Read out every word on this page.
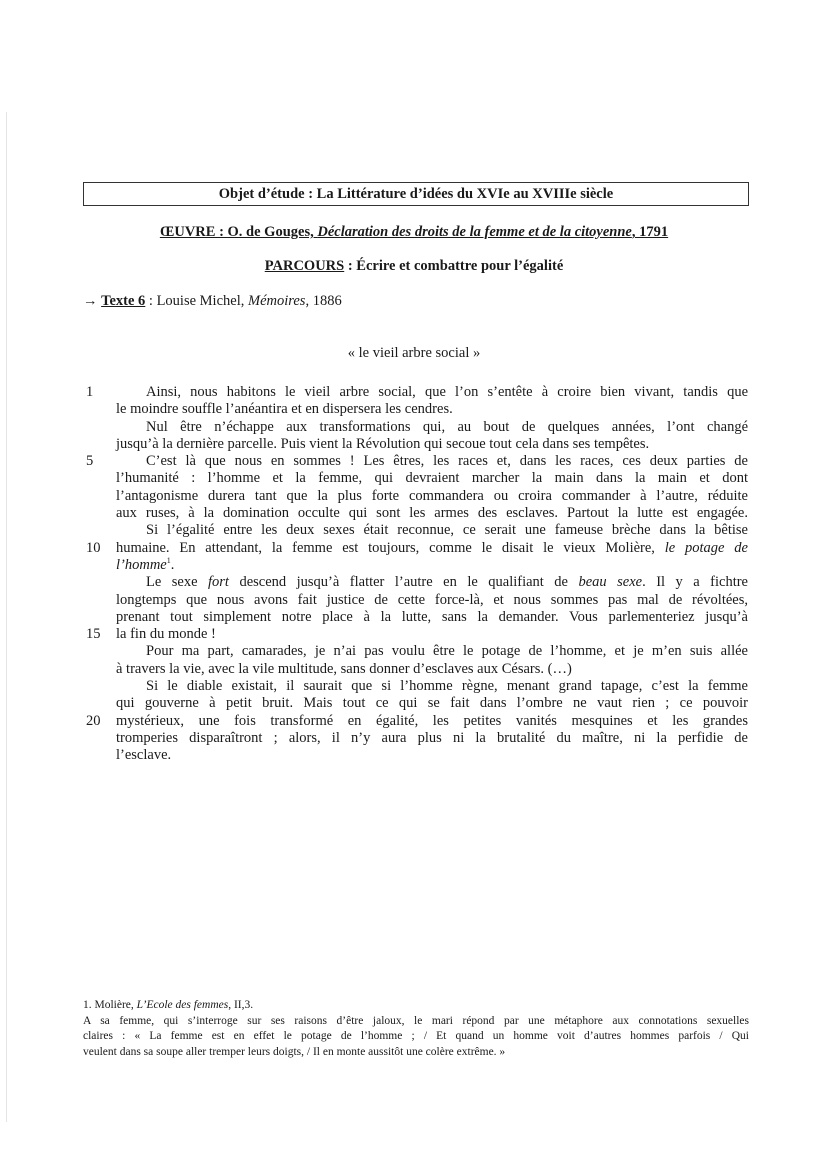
Objet d’étude : La Littérature d’idées du XVIe au XVIIIe siècle
ŒUVRE : O. de Gouges, Déclaration des droits de la femme et de la citoyenne, 1791
PARCOURS : Écrire et combattre pour l’égalité
→ Texte 6 : Louise Michel, Mémoires, 1886
« le vieil arbre social »
1	Ainsi, nous habitons le vieil arbre social, que l’on s’entête à croire bien vivant, tandis que
le moindre souffle l’anéantira et en dispersera les cendres.
Nul être n’échappe aux transformations qui, au bout de quelques années, l’ont changé
jusqu’à la dernière parcelle. Puis vient la Révolution qui secoue tout cela dans ses tempêtes.
5	C’est là que nous en sommes ! Les êtres, les races et, dans les races, ces deux parties de
l’humanité : l’homme et la femme, qui devraient marcher la main dans la main et dont
l’antagonisme durera tant que la plus forte commandera ou croira commander à l’autre, réduite
aux ruses, à la domination occulte qui sont les armes des esclaves. Partout la lutte est engagée.
Si l’égalité entre les deux sexes était reconnue, ce serait une fameuse brèche dans la bêtise
10	humaine. En attendant, la femme est toujours, comme le disait le vieux Molière, le potage de
l’homme$^1$.
Le sexe fort descend jusqu’à flatter l’autre en le qualifiant de beau sexe. Il y a fichtre
longtemps que nous avons fait justice de cette force-là, et nous sommes pas mal de révoltées,
prenant tout simplement notre place à la lutte, sans la demander. Vous parlementeriez jusqu’à
15	la fin du monde !
Pour ma part, camarades, je n’ai pas voulu être le potage de l’homme, et je m’en suis allée
à travers la vie, avec la vile multitude, sans donner d’esclaves aux Césars. (…)
Si le diable existait, il saurait que si l’homme règne, menant grand tapage, c’est la femme
qui gouverne à petit bruit. Mais tout ce qui se fait dans l’ombre ne vaut rien ; ce pouvoir
20	mystérieux, une fois transformé en égalité, les petites vanités mesquines et les grandes
tromperies disparaîtront ; alors, il n’y aura plus ni la brutalité du maître, ni la perfidie de
l’esclave.
1. Molière, L’Ecole des femmes, II,3.
A sa femme, qui s’interroge sur ses raisons d’être jaloux, le mari répond par une métaphore aux connotations sexuelles
claires : « La femme est en effet le potage de l’homme ; / Et quand un homme voit d’autres hommes parfois / Qui
veulent dans sa soupe aller tremper leurs doigts, / Il en monte aussitôt une colère extrême. »
